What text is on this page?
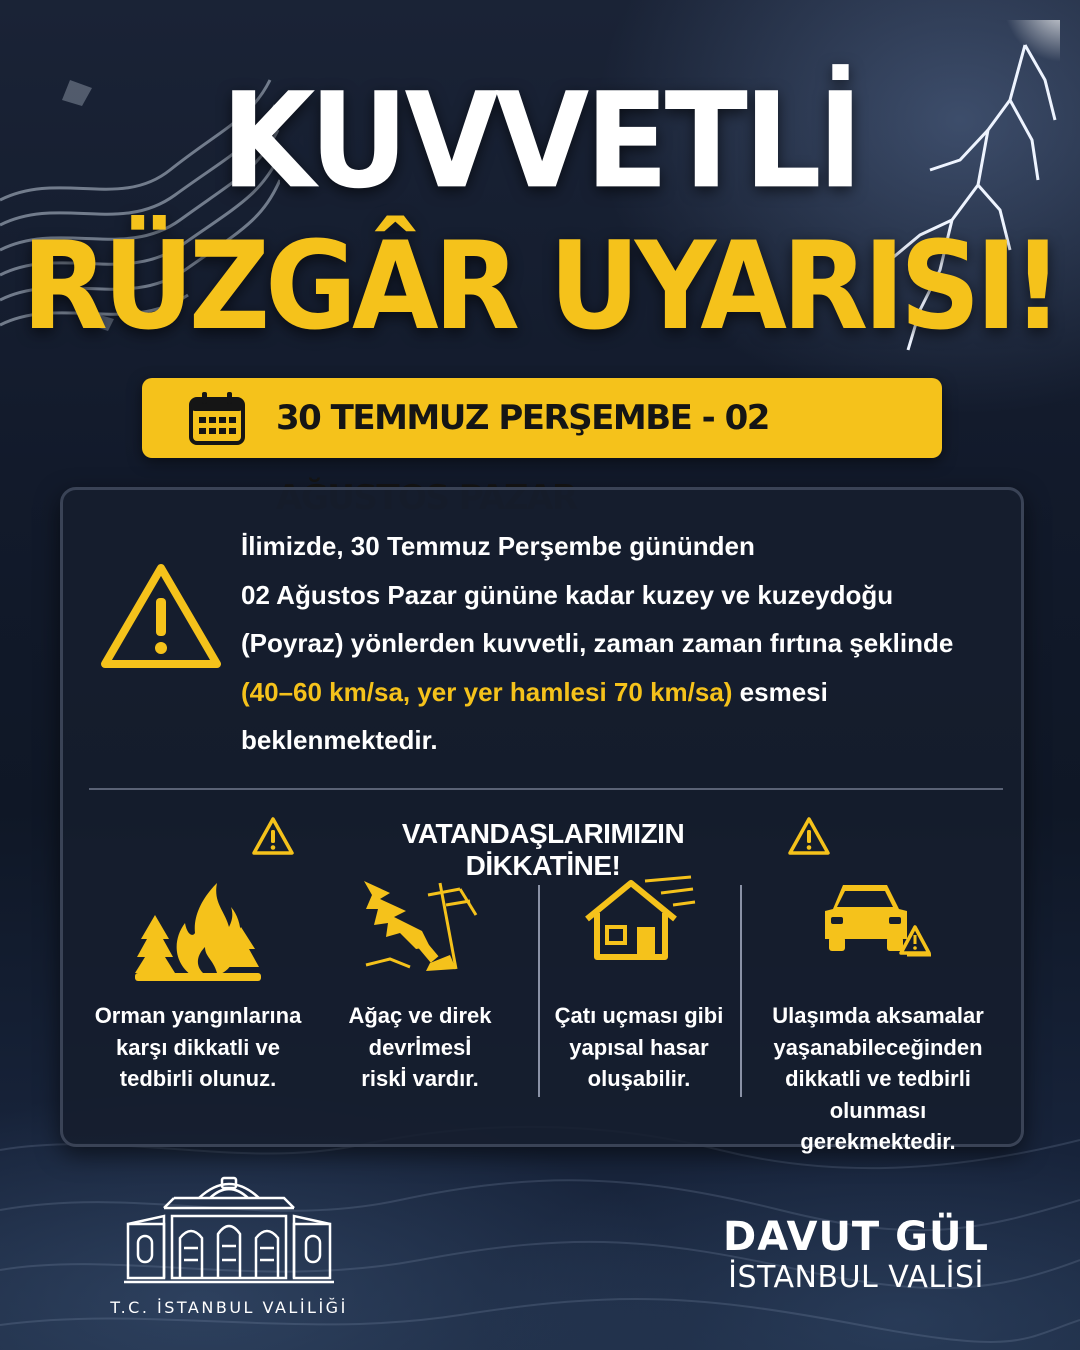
KUVVETLİ
RÜZGÂR UYARISI!
30 TEMMUZ PERŞEMBE - 02
İlimizde, 30 Temmuz Perşembe gününden
02 Ağustos Pazar gününe kadar kuzey ve kuzeydoğu
(Poyraz) yönlerden kuvvetli, zaman zaman fırtına şeklinde
(40–60 km/sa, yer yer hamlesi 70 km/sa) esmesi
beklenmektedir.
VATANDAŞLARIMIZIN DİKKATİNE!
Orman yangınlarına
karşı dikkatli ve
tedbirli olunuz.
Ağaç ve direk
devrİmesİ
riskİ vardır.
Çatı uçması gibi
yapısal hasar
oluşabilir.
Ulaşımda aksamalar
yaşanabileceğinden
dikkatli ve tedbirli
olunması gerekmektedir.
T.C. İSTANBUL VALİLİĞİ
DAVUT GÜL
İSTANBUL VALİSİ
